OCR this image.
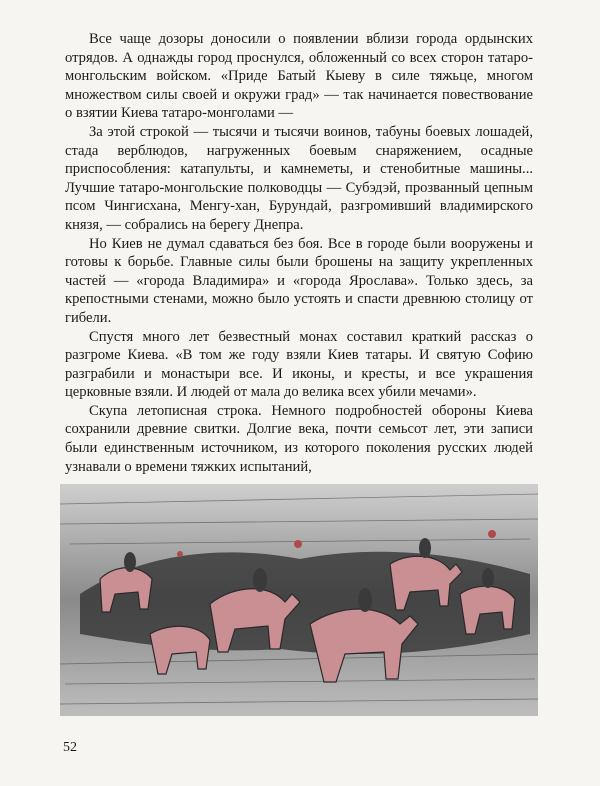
Все чаще дозоры доносили о появлении вблизи города ордынских отрядов. А однажды город проснулся, обложенный со всех сторон татаро-монгольским войском. «Приде Батый Кыеву в силе тяжьце, многом множеством силы своей и окружи град» — так начинается повествование о взятии Киева татаро-монголами —

За этой строкой — тысячи и тысячи воинов, табуны боевых лошадей, стада верблюдов, нагруженных боевым снаряжением, осадные приспособления: катапульты, и камнеметы, и стенобитные машины... Лучшие татаро-монгольские полководцы — Субэдэй, прозванный цепным псом Чингисхана, Менгу-хан, Бурундай, разгромивший владимирского князя, — собрались на берегу Днепра.

Но Киев не думал сдаваться без боя. Все в городе были вооружены и готовы к борьбе. Главные силы были брошены на защиту укрепленных частей — «города Владимира» и «города Ярослава». Только здесь, за крепостными стенами, можно было устоять и спасти древнюю столицу от гибели.

Спустя много лет безвестный монах составил краткий рассказ о разгроме Киева. «В том же году взяли Киев татары. И святую Софию разграбили и монастыри все. И иконы, и кресты, и все украшения церковные взяли. И людей от мала до велика всех убили мечами».

Скупа летописная строка. Немного подробностей обороны Киева сохранили древние свитки. Долгие века, почти семьсот лет, эти записи были единственным источником, из которого поколения русских людей узнавали о времени тяжких испытаний,

52
